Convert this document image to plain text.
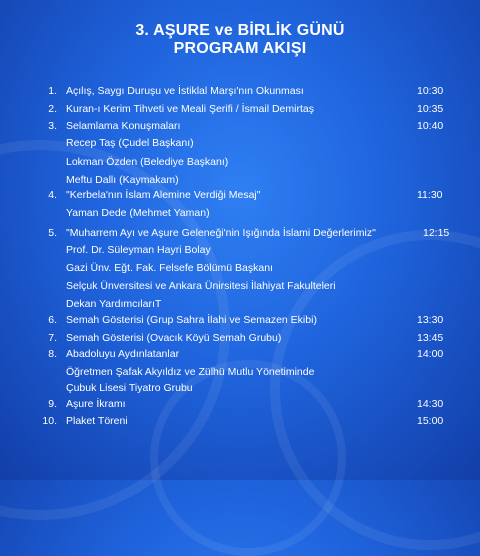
3. AŞURE ve BİRLİK GÜNÜ
PROGRAM AKIŞI
1. Açılış, Saygı Duruşu ve İstiklal Marşı'nın Okunması	10:30
2. Kuran-ı Kerim Tihveti ve Meali Şerifi / İsmail Demirtaş	10:35
3. Selamlama Konuşmaları	10:40
Recep Taş (Çudel Başkanı)
Lokman Özden (Belediye Başkanı)
Meftu Dallı (Kaymakam)
4. "Kerbela'nın İslam Alemine Verdiği Mesaj"	11:30
Yaman Dede (Mehmet Yaman)
5. "Muharrem Ayı ve Aşure Geleneği'nin Işığında İslami Değerlerimiz"	12:15
Prof. Dr. Süleyman Hayri Bolay
Gazi Ünv. Eğt. Fak. Felsefe Bölümü Başkanı
Selçuk Ünversitesi ve Ankara Ünirsitesi İlahiyat Fakulteleri
Dekan YardımcılarıT
6. Semah Gösterisi (Grup Sahra İlahi ve Semazen Ekibi)	13:30
7. Semah Gösterisi (Ovacık Köyü Semah Grubu)	13:45
8. Abadoluyu Aydınlatanlar	14:00
Öğretmen Şafak Akyıldız ve Zülhü Mutlu Yönetiminde
Çubuk Lisesi Tiyatro Grubu
9. Aşure İkramı	14:30
10. Plaket Töreni	15:00
